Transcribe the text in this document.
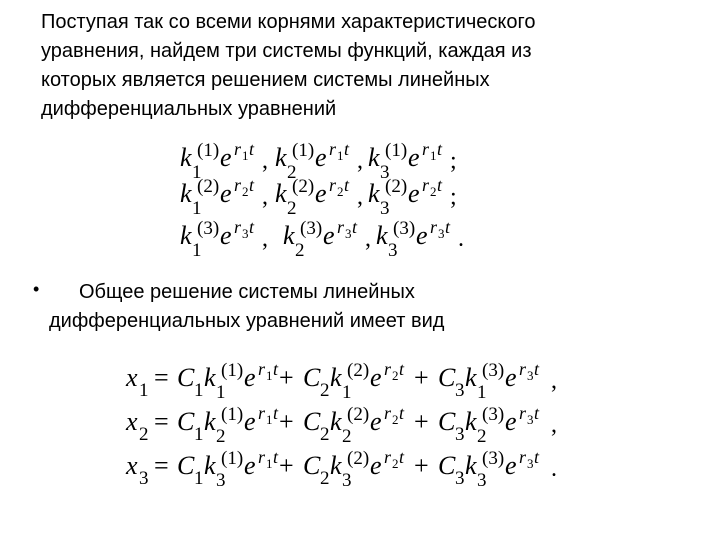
Поступая так со всеми корнями характеристического
уравнения, найдем три системы функций, каждая из
которых является решением системы линейных
дифференциальных уравнений

k
1
(1) e r 1 t , k
2
(1) e r 1 t , k
3
(1) e r 1 t ;
k
1
(2) e r 2 t , k
2
(2) e r 2 t , k
3
(2) e r 2 t ;
k
1
(3) e r 3 t , k
2
(3) e r 3 t , k
3
(3) e r 3 t .
•	Общее решение системы линейных
дифференциальных уравнений имеет вид

x 1 = C 1 k
1
(1) e r 1 t + C 2 k
1
(2) e r 2 t + C 3 k
1
(3) e r 3 t ,
x 2 = C 1 k
2
(1) e r 1 t + C 2 k
2
(2) e r 2 t + C 3 k
2
(3) e r 3 t ,
x 3 = C 1 k
3
(1) e r 1 t + C 2 k
3
(2) e r 2 t + C 3 k
3
(3) e r 3 t .
